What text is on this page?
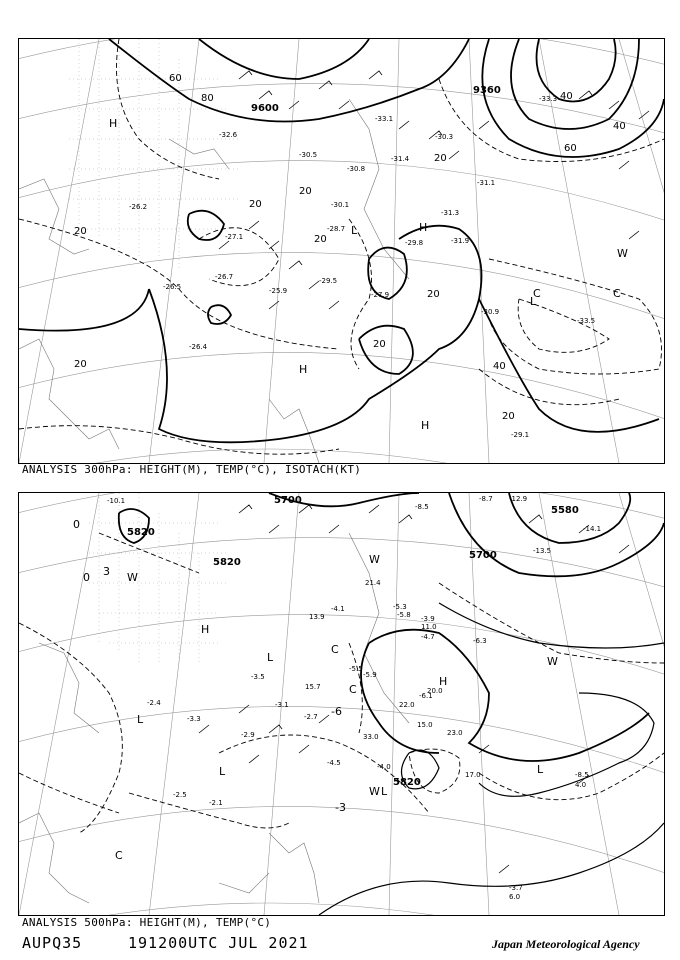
20
20
20
20
20
20
20
20
40
40
40
60
60
80
20
9600
9360
H
H
H
H
L
L
C	C
W
-30.5
-30.8
-31.4
-29.8
-30.9
-31.9
-33.5
-29.1
-26.5	-25.9
-26.4
-28.7
-27.1
-31.1
-32.6	-30.3
-31.3
-26.2
-29.5
-33.1
-30.1
-33.3
-26.7
-27.9
ANALYSIS 300hPa: HEIGHT(M), TEMP(°C), ISOTACH(KT)
5700
5820
5580
5700
5820
5820
0
0 3
-3
-6
H
H
L
L
L
L
W
W
C
C
W
L
W
C
-8.5
-3.7
-4.1
-5.8
-6.3
-4.7
-2.4
-3.3
-2.9
-5.9
-3.1
-2.5
-2.1
-4.5	-4.0
-5.3
-6.1
-3.9
-5.5
-3.5
-2.7
-8.7 -12.9
-14.1
-13.5
-10.1
-8.5
6.0
4.0
17.0
23.0
22.0
15.0
11.0
20.0
21.4
33.0
13.9
15.7
ANALYSIS 500hPa: HEIGHT(M), TEMP(°C)
AUPQ35	191200UTC JUL 2021	Japan Meteorological Agency
